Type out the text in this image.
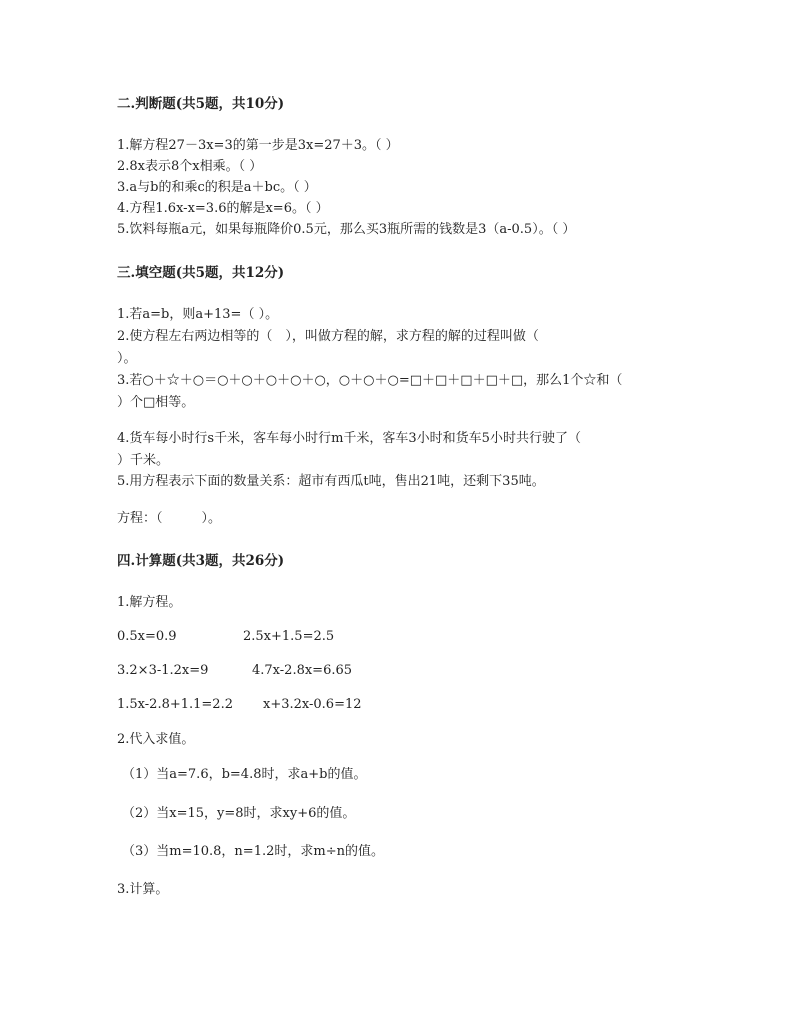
二.判断题(共5题，共10分)
1.解方程27－3x=3的第一步是3x=27＋3。（ ）
2.8x表示8个x相乘。（ ）
3.a与b的和乘c的积是a＋bc。（ ）
4.方程1.6x-x=3.6的解是x=6。（ ）
5.饮料每瓶a元，如果每瓶降价0.5元，那么买3瓶所需的钱数是3（a-0.5）。（ ）
三.填空题(共5题，共12分)
1.若a=b，则a+13=（ ）。
2.使方程左右两边相等的（　），叫做方程的解，求方程的解的过程叫做（
）。
3.若○＋☆＋○＝○＋○＋○＋○＋○，○＋○＋○=□＋□＋□＋□＋□，那么1个☆和（
）个□相等。
4.货车每小时行s千米，客车每小时行m千米，客车3小时和货车5小时共行驶了（
）千米。
5.用方程表示下面的数量关系：超市有西瓜t吨，售出21吨，还剩下35吨。
方程：（　　　）。
四.计算题(共3题，共26分)
1.解方程。
0.5x=0.9	2.5x+1.5=2.5
3.2×3-1.2x=9	4.7x-2.8x=6.65
1.5x-2.8+1.1=2.2 x+3.2x-0.6=12
2.代入求值。
（1）当a=7.6，b=4.8时，求a+b的值。
（2）当x=15，y=8时，求xy+6的值。
（3）当m=10.8，n=1.2时，求m÷n的值。
3.计算。
